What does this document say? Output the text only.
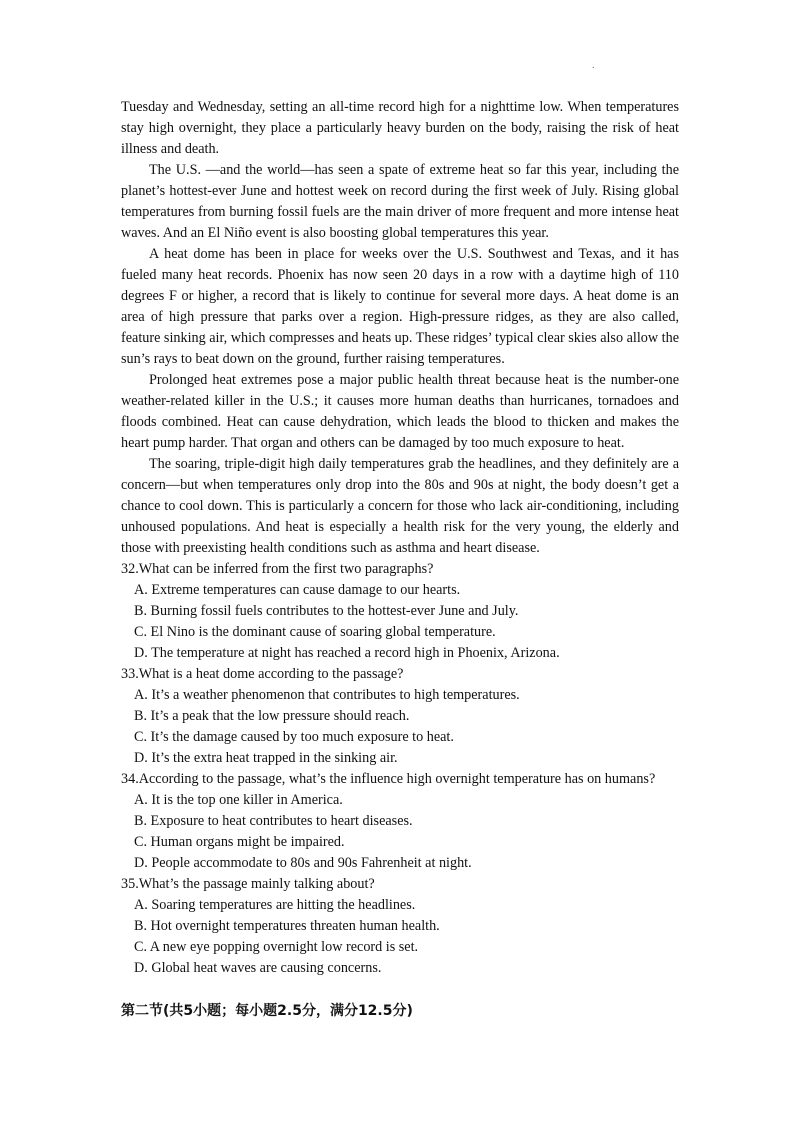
.

Tuesday and Wednesday, setting an all-time record high for a nighttime low. When temperatures stay high overnight, they place a particularly heavy burden on the body, raising the risk of heat illness and death.

The U.S. —and the world—has seen a spate of extreme heat so far this year, including the planet’s hottest-ever June and hottest week on record during the first week of July. Rising global temperatures from burning fossil fuels are the main driver of more frequent and more intense heat waves. And an El Niño event is also boosting global temperatures this year.

A heat dome has been in place for weeks over the U.S. Southwest and Texas, and it has fueled many heat records. Phoenix has now seen 20 days in a row with a daytime high of 110 degrees F or higher, a record that is likely to continue for several more days. A heat dome is an area of high pressure that parks over a region. High-pressure ridges, as they are also called, feature sinking air, which compresses and heats up. These ridges’ typical clear skies also allow the sun’s rays to beat down on the ground, further raising temperatures.

Prolonged heat extremes pose a major public health threat because heat is the number-one weather-related killer in the U.S.; it causes more human deaths than hurricanes, tornadoes and floods combined. Heat can cause dehydration, which leads the blood to thicken and makes the heart pump harder. That organ and others can be damaged by too much exposure to heat.

The soaring, triple-digit high daily temperatures grab the headlines, and they definitely are a concern—but when temperatures only drop into the 80s and 90s at night, the body doesn’t get a chance to cool down. This is particularly a concern for those who lack air-conditioning, including unhoused populations. And heat is especially a health risk for the very young, the elderly and those with preexisting health conditions such as asthma and heart disease.

32.What can be inferred from the first two paragraphs?

A. Extreme temperatures can cause damage to our hearts.

B. Burning fossil fuels contributes to the hottest-ever June and July.

C. El Nino is the dominant cause of soaring global temperature.

D. The temperature at night has reached a record high in Phoenix, Arizona.

33.What is a heat dome according to the passage?

A. It’s a weather phenomenon that contributes to high temperatures.

B. It’s a peak that the low pressure should reach.

C. It’s the damage caused by too much exposure to heat.

D. It’s the extra heat trapped in the sinking air.

34.According to the passage, what’s the influence high overnight temperature has on humans?

A. It is the top one killer in America.

B. Exposure to heat contributes to heart diseases.

C. Human organs might be impaired.

D. People accommodate to 80s and 90s Fahrenheit at night.

35.What’s the passage mainly talking about?

A. Soaring temperatures are hitting the headlines.

B. Hot overnight temperatures threaten human health.

C. A new eye popping overnight low record is set.

D. Global heat waves are causing concerns.

第二节(共5小题；每小题2.5分，满分12.5分)
